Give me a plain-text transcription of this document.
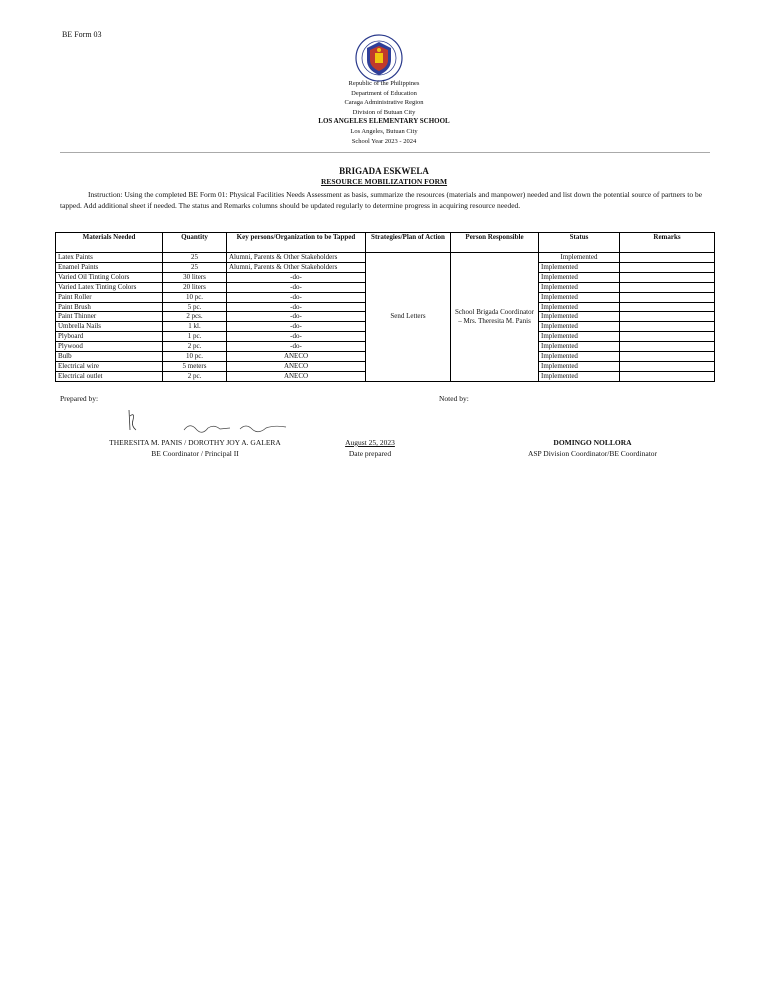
BE Form 03
Republic of the Philippines
Department of Education
Caraga Administrative Region
Division of Butuan City
LOS ANGELES ELEMENTARY SCHOOL
Los Angeles, Butuan City
School Year 2023 - 2024
BRIGADA ESKWELA
RESOURCE MOBILIZATION FORM
Instruction: Using the completed BE Form 01: Physical Facilities Needs Assessment as basis, summarize the resources (materials and manpower) needed and list down the potential source of partners to be tapped. Add additional sheet if needed. The status and Remarks columns should be updated regularly to determine progress in acquiring resource needed.
Materials Needed	Quantity	Key persons/Organization to be Tapped	Strategies/Plan of Action	Person Responsible	Status	Remarks
Latex Paints	25	Alumni, Parents & Other Stakeholders	Send Letters	School Brigada Coordinator – Mrs. Theresita M. Panis	Implemented	
Enamel Paints	25	Alumni, Parents & Other Stakeholders			Implemented	
Varied Oil Tinting Colors	30 liters	-do-			Implemented	
Varied Latex Tinting Colors	20 liters	-do-			Implemented	
Paint Roller	10 pc.	-do-			Implemented	
Paint Brush	5 pc.	-do-			Implemented	
Paint Thinner	2 pcs.	-do-			Implemented	
Umbrella Nails	1 kl.	-do-			Implemented	
Plyboard	1 pc.	-do-			Implemented	
Plywood	2 pc.	-do-			Implemented	
Bulb	10 pc.	ANECO			Implemented	
Electrical wire	5 meters	ANECO			Implemented	
Electrical outlet	2 pc.	ANECO			Implemented	
Prepared by:	Noted by:
THERESITA M. PANIS / DOROTHY JOY A. GALERA
BE Coordinator / Principal II
August 25, 2023
Date prepared
DOMINGO NOLLORA
ASP Division Coordinator/BE Coordinator
